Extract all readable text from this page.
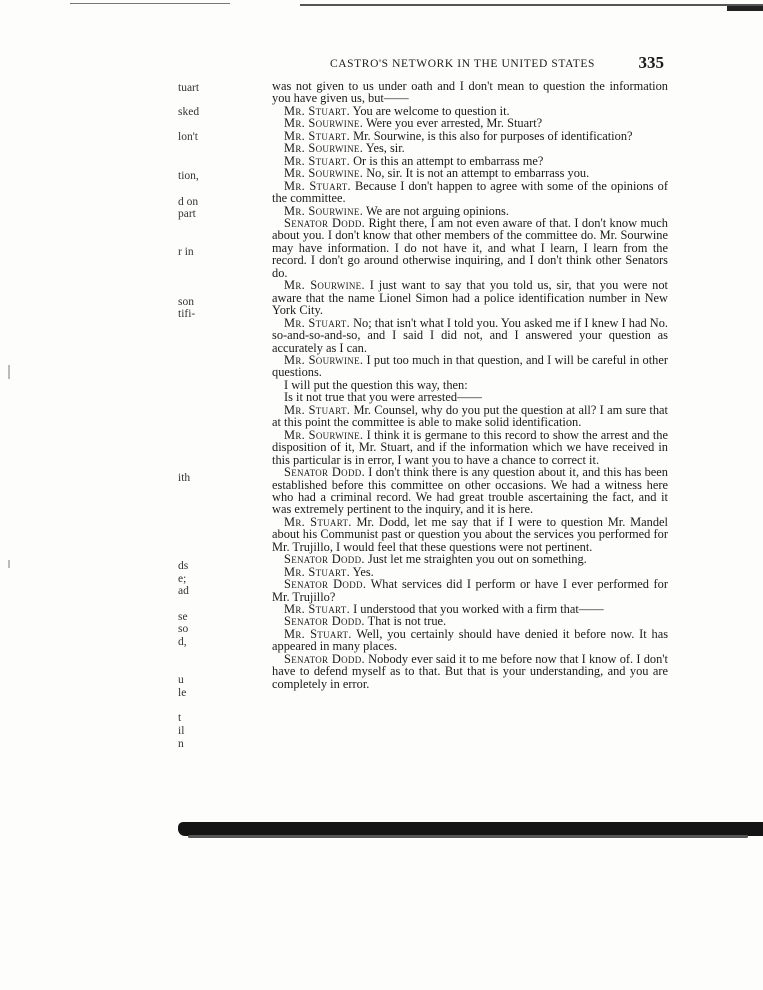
CASTRO'S NETWORK IN THE UNITED STATES	335
tuart
sked
lon't
tion,
d on
part
r in
son
tifi-
ith
ds
e;
ad
se
so
d,
u
le
t
il
n

was not given to us under oath and I don't mean to question the information you have given us, but——

Mr. Stuart. You are welcome to question it.

Mr. Sourwine. Were you ever arrested, Mr. Stuart?

Mr. Stuart. Mr. Sourwine, is this also for purposes of identification?

Mr. Sourwine. Yes, sir.

Mr. Stuart. Or is this an attempt to embarrass me?

Mr. Sourwine. No, sir. It is not an attempt to embarrass you.

Mr. Stuart. Because I don't happen to agree with some of the opinions of the committee.

Mr. Sourwine. We are not arguing opinions.

Senator Dodd. Right there, I am not even aware of that. I don't know much about you. I don't know that other members of the committee do. Mr. Sourwine may have information. I do not have it, and what I learn, I learn from the record. I don't go around otherwise inquiring, and I don't think other Senators do.

Mr. Sourwine. I just want to say that you told us, sir, that you were not aware that the name Lionel Simon had a police identification number in New York City.

Mr. Stuart. No; that isn't what I told you. You asked me if I knew I had No. so-and-so-and-so, and I said I did not, and I answered your question as accurately as I can.

Mr. Sourwine. I put too much in that question, and I will be careful in other questions.

I will put the question this way, then:

Is it not true that you were arrested——

Mr. Stuart. Mr. Counsel, why do you put the question at all? I am sure that at this point the committee is able to make solid identification.

Mr. Sourwine. I think it is germane to this record to show the arrest and the disposition of it, Mr. Stuart, and if the information which we have received in this particular is in error, I want you to have a chance to correct it.

Senator Dodd. I don't think there is any question about it, and this has been established before this committee on other occasions. We had a witness here who had a criminal record. We had great trouble ascertaining the fact, and it was extremely pertinent to the inquiry, and it is here.

Mr. Stuart. Mr. Dodd, let me say that if I were to question Mr. Mandel about his Communist past or question you about the services you performed for Mr. Trujillo, I would feel that these questions were not pertinent.

Senator Dodd. Just let me straighten you out on something.

Mr. Stuart. Yes.

Senator Dodd. What services did I perform or have I ever performed for Mr. Trujillo?

Mr. Stuart. I understood that you worked with a firm that——

Senator Dodd. That is not true.

Mr. Stuart. Well, you certainly should have denied it before now. It has appeared in many places.

Senator Dodd. Nobody ever said it to me before now that I know of. I don't have to defend myself as to that. But that is your understanding, and you are completely in error.
